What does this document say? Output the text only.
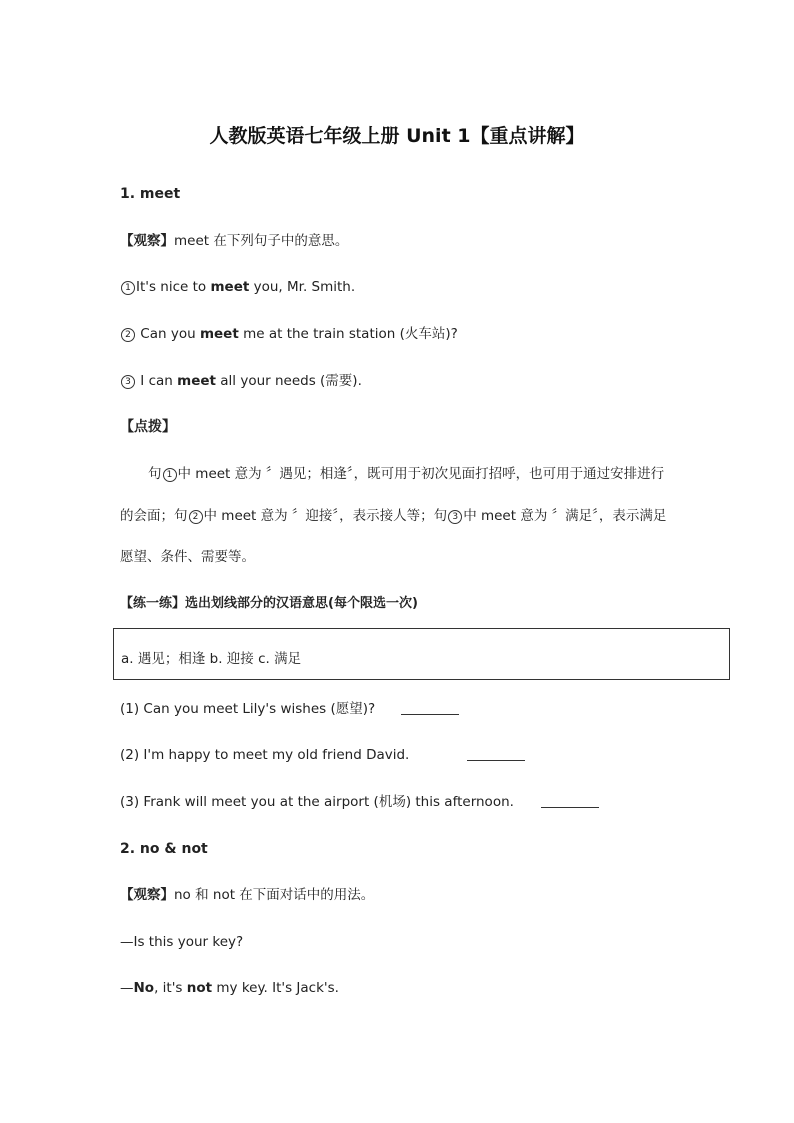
人教版英语七年级上册 Unit 1【重点讲解】
1. meet
【观察】meet 在下列句子中的意思。
1 It's nice to meet you, Mr. Smith.
2 Can you meet me at the train station (火车站)?
3 I can meet all your needs (需要).
【点拨】
句 1 中 meet 意为 〞遇见；相逢〞，既可用于初次见面打招呼，也可用于通过安排进行
的会面；句 2 中 meet 意为 〞迎接〞，表示接人等；句 3 中 meet 意为 〞满足〞，表示满足
愿望、条件、需要等。
【练一练】选出划线部分的汉语意思(每个限选一次)
a. 遇见；相逢 b. 迎接 c. 满足
(1) Can you meet Lily's wishes (愿望)?
(2) I'm happy to meet my old friend David.
(3) Frank will meet you at the airport (机场) this afternoon.
2. no & not
【观察】no 和 not 在下面对话中的用法。
—Is this your key?
—No, it's not my key. It's Jack's.
